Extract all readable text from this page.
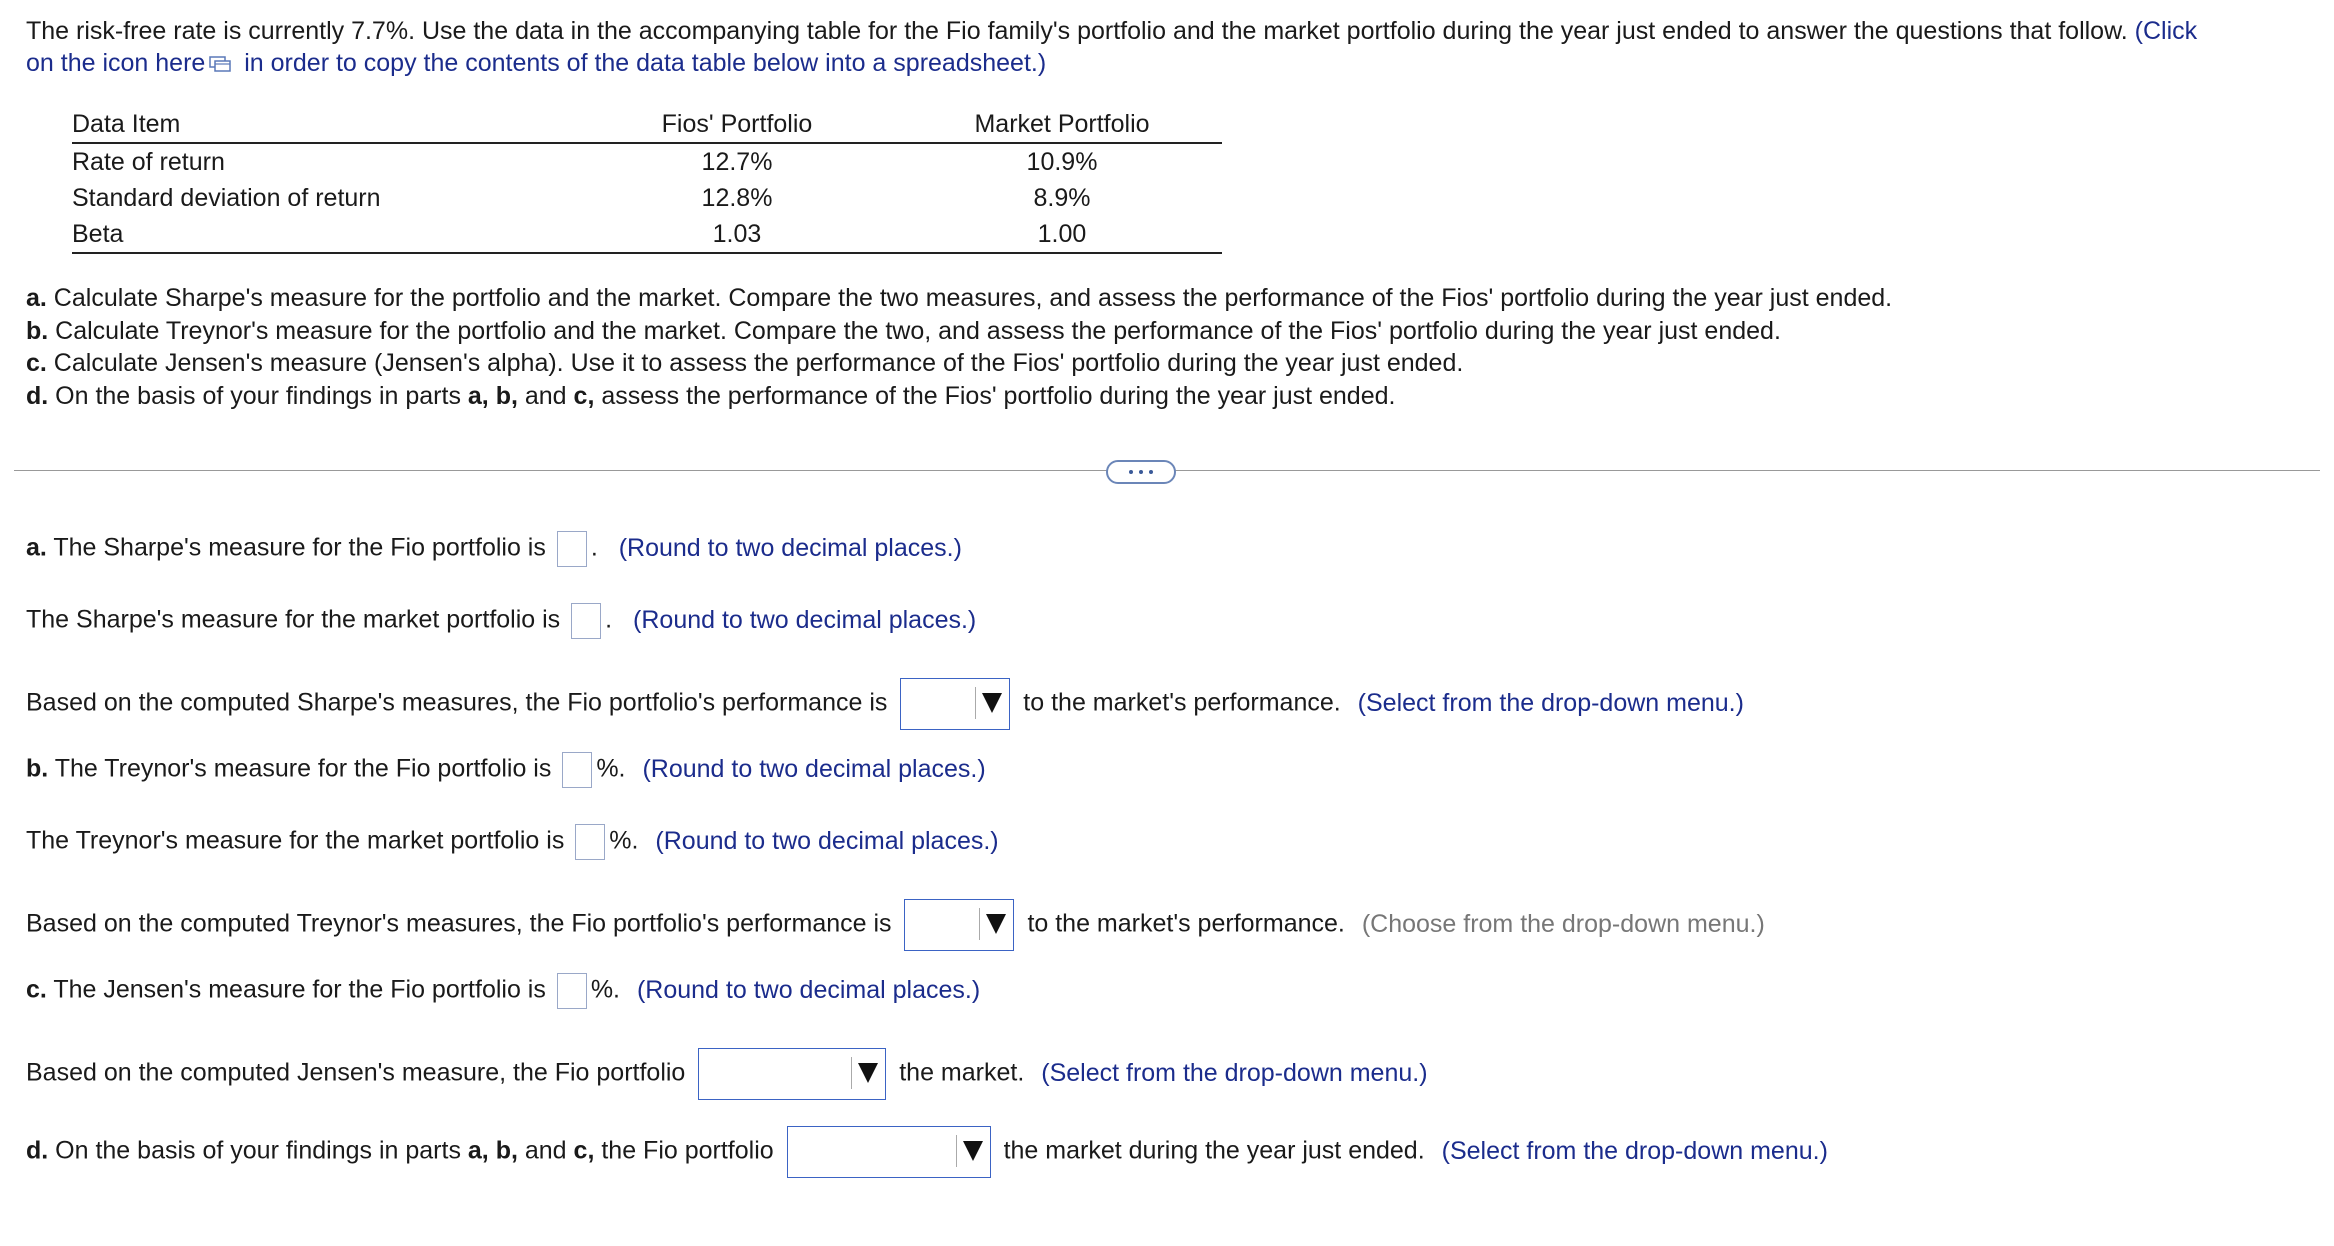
The risk-free rate is currently 7.7%. Use the data in the accompanying table for the Fio family's portfolio and the market portfolio during the year just ended to answer the questions that follow. (Click
on the icon here in order to copy the contents of the data table below into a spreadsheet.)
Data Item	Fios' Portfolio	Market Portfolio
Rate of return	12.7%	10.9%
Standard deviation of return	12.8%	8.9%
Beta	1.03	1.00
a. Calculate Sharpe's measure for the portfolio and the market. Compare the two measures, and assess the performance of the Fios' portfolio during the year just ended.
b. Calculate Treynor's measure for the portfolio and the market. Compare the two, and assess the performance of the Fios' portfolio during the year just ended.
c. Calculate Jensen's measure (Jensen's alpha). Use it to assess the performance of the Fios' portfolio during the year just ended.
d. On the basis of your findings in parts a, b, and c, assess the performance of the Fios' portfolio during the year just ended.
a. The Sharpe's measure for the Fio portfolio is . (Round to two decimal places.)
The Sharpe's measure for the market portfolio is . (Round to two decimal places.)
Based on the computed Sharpe's measures, the Fio portfolio's performance is	to the market's performance. (Select from the drop-down menu.)
b. The Treynor's measure for the Fio portfolio is %. (Round to two decimal places.)
The Treynor's measure for the market portfolio is %. (Round to two decimal places.)
Based on the computed Treynor's measures, the Fio portfolio's performance is	to the market's performance. (Choose from the drop-down menu.)
c. The Jensen's measure for the Fio portfolio is %. (Round to two decimal places.)
Based on the computed Jensen's measure, the Fio portfolio	the market. (Select from the drop-down menu.)
d. On the basis of your findings in parts a, b, and c, the Fio portfolio	the market during the year just ended. (Select from the drop-down menu.)
